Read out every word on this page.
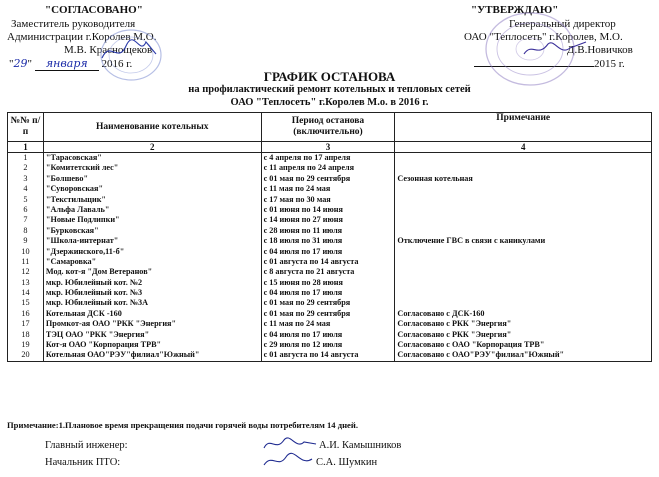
"СОГЛАСОВАНО"
Заместитель руководителя
Администрации г.Королев М.О.
М.В. Краснощеков
"29" января 2016 г.
"УТВЕРЖДАЮ"
Генеральный директор
ОАО "Теплосеть" г.Королев, М.О.
Д.В.Новичков
2015 г.
ГРАФИК ОСТАНОВА
на профилактический ремонт котельных и тепловых сетей
ОАО "Теплосеть" г.Королев М.о. в 2016 г.
№№ п/п	Наименование котельных	Период останова (включительно)	Примечание
1	2	3	4
1	"Тарасовская"	с 4 апреля по 17 апреля	
2	"Комитетский лес"	с 11 апреля по 24 апреля	
3	"Болшево"	с 01 мая по 29 сентября	Сезонная котельная
4	"Суворовская"	с 11 мая по 24 мая	
5	"Текстильщик"	с 17 мая по 30 мая	
6	"Альфа Лаваль"	с 01 июня по 14 июня	
7	"Новые Подлипки"	с 14 июня по 27 июня	
8	"Бурковская"	с 28 июня по 11 июля	
9	"Школа-интернат"	с 18 июля по 31 июля	Отключение ГВС в связи с каникулами
10	"Дзержинского,11-б"	с 04 июля по 17 июля	
11	"Самаровка"	с 01 августа по 14 августа	
12	Мод. кот-я "Дом Ветеранов"	с 8 августа по 21 августа	
13	мкр. Юбилейный кот. №2	с 15 июня по 28 июня	
14	мкр. Юбилейный кот. №3	с 04 июля по 17 июля	
15	мкр. Юбилейный кот. №3А	с 01 мая по 29 сентября	
16	Котельная ДСК -160	с 01 мая по 29 сентября	Согласовано с ДСК-160
17	Промкот-ая ОАО "РКК "Энергия"	с 11 мая по 24 мая	Согласовано с РКК "Энергия"
18	ТЭЦ ОАО "РКК "Энергия"	с 04 июля по 17 июля	Согласовано с РКК "Энергия"
19	Кот-я ОАО "Корпорация ТРВ"	с 29 июля по 12 июля	Согласовано с ОАО "Корпорация ТРВ"
20	Котельная ОАО"РЭУ"филиал"Южный"	с 01 августа по 14 августа	Согласовано с ОАО"РЭУ"филиал"Южный"
Примечание:1.Плановое время прекращения подачи горячей воды потребителям 14 дней.
Главный инженер:	А.И. Камышников
Начальник ПТО:	С.А. Шумкин
